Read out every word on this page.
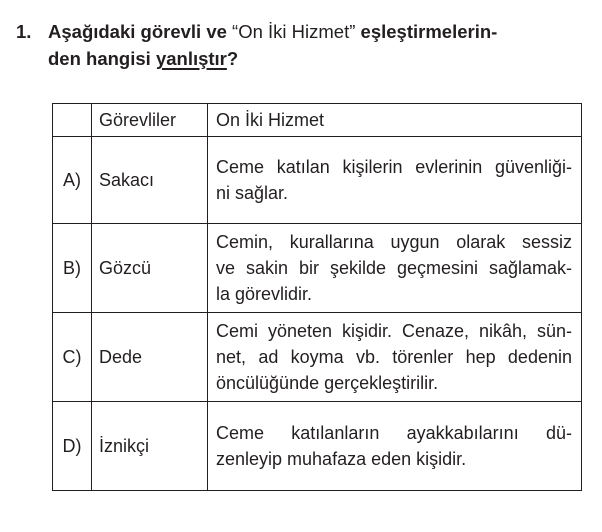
1. Aşağıdaki görevli ve “On İki Hizmet” eşleştirmelerin-
den hangisi yanlıştır?
	Görevliler	On İki Hizmet
A)	Sakacı	Ceme katılan kişilerin evlerinin güvenliği-
ni sağlar.

B)	Gözcü	Cemin, kurallarına uygun olarak sessiz
ve sakin bir şekilde geçmesini sağlamak-
la görevlidir.

C)	Dede	Cemi yöneten kişidir. Cenaze, nikâh, sün-
net, ad koyma vb. törenler hep dedenin
öncülüğünde gerçekleştirilir.

D)	İznikçi	Ceme katılanların ayakkabılarını dü-
zenleyip muhafaza eden kişidir.
